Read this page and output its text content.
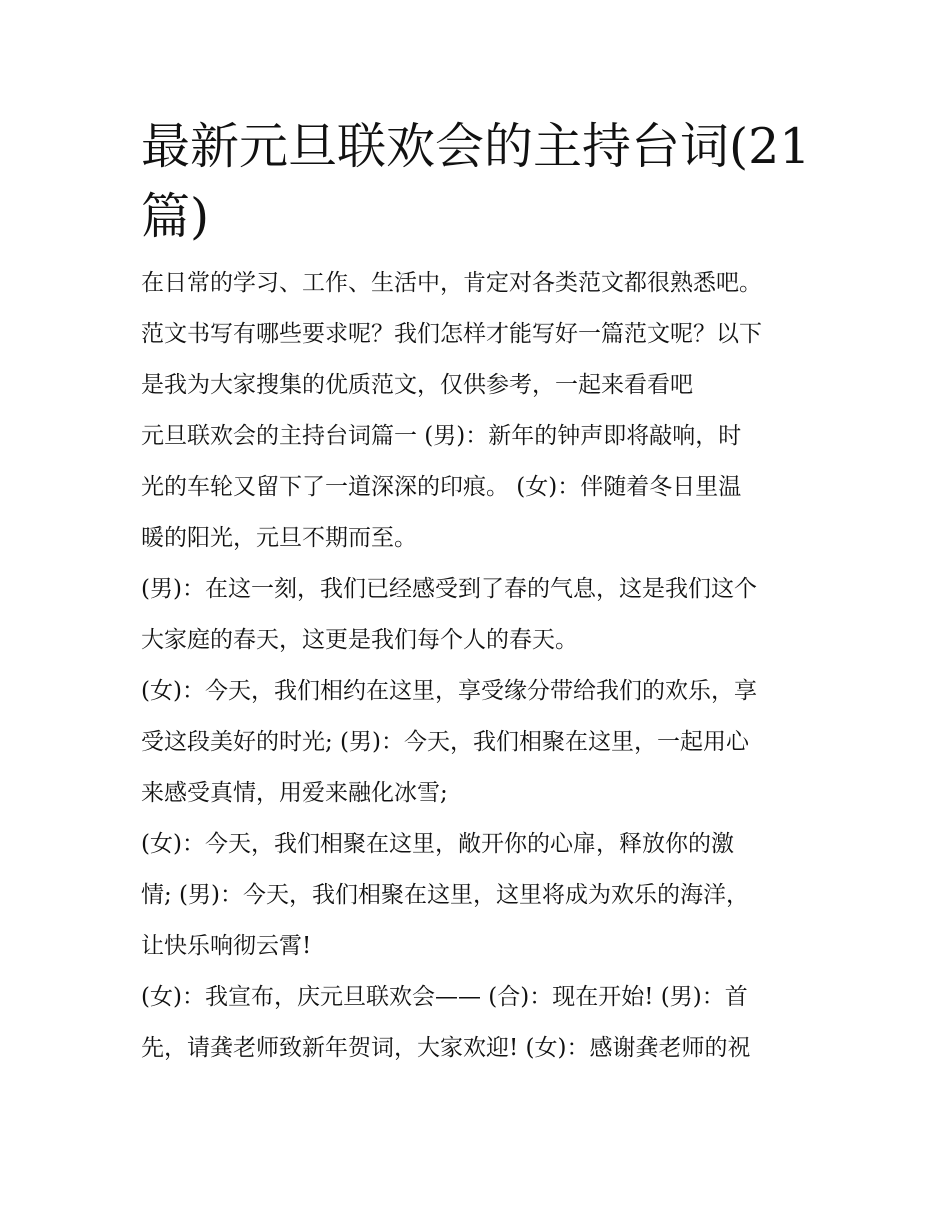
最新元旦联欢会的主持台词(21
篇)
在日常的学习、工作、生活中，肯定对各类范文都很熟悉吧。
范文书写有哪些要求呢？我们怎样才能写好一篇范文呢？以下
是我为大家搜集的优质范文，仅供参考，一起来看看吧
元旦联欢会的主持台词篇一 (男)：新年的钟声即将敲响，时
光的车轮又留下了一道深深的印痕。 (女)：伴随着冬日里温
暖的阳光，元旦不期而至。
(男)：在这一刻，我们已经感受到了春的气息，这是我们这个
大家庭的春天，这更是我们每个人的春天。
(女)：今天，我们相约在这里，享受缘分带给我们的欢乐，享
受这段美好的时光; (男)：今天，我们相聚在这里，一起用心
来感受真情，用爱来融化冰雪;
(女)：今天，我们相聚在这里，敞开你的心扉，释放你的激
情; (男)：今天，我们相聚在这里，这里将成为欢乐的海洋，
让快乐响彻云霄!
(女)：我宣布，庆元旦联欢会—— (合)：现在开始! (男)：首
先，请龚老师致新年贺词，大家欢迎! (女)：感谢龚老师的祝
